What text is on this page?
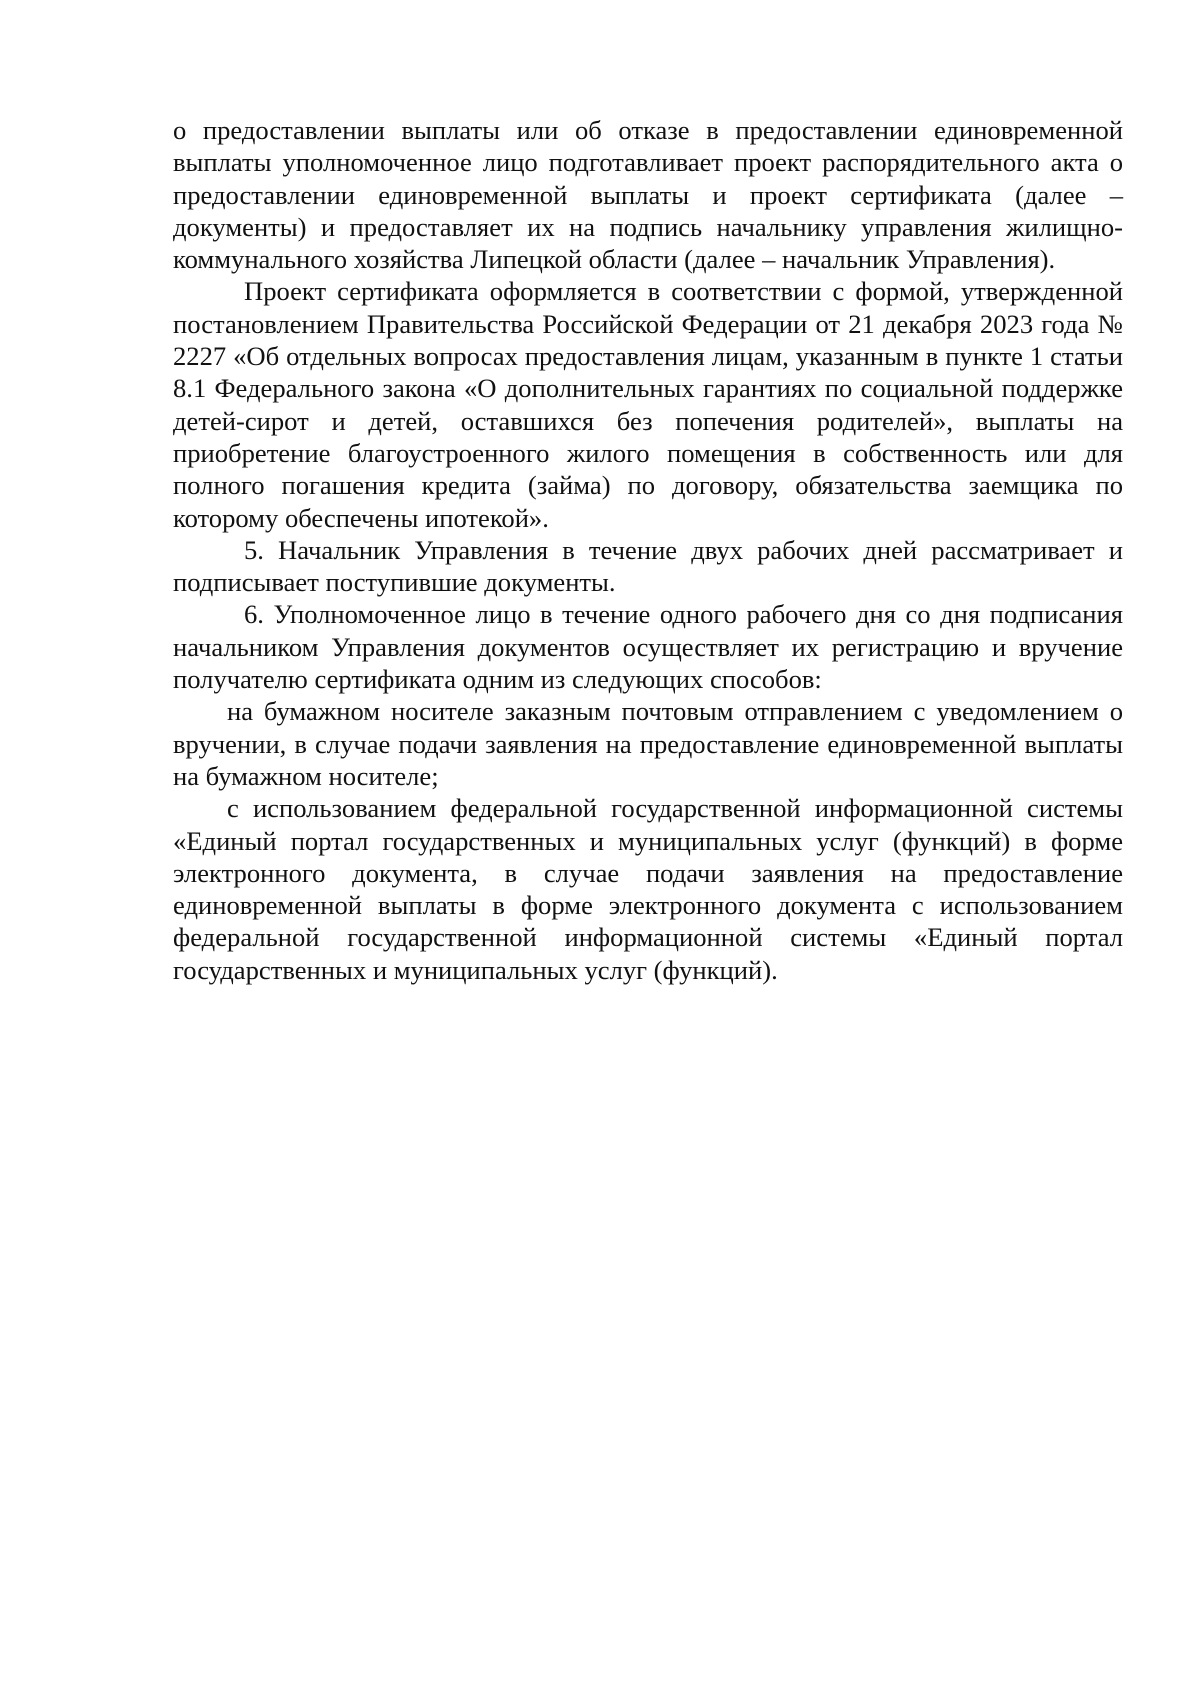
о предоставлении выплаты или об отказе в предоставлении единовременной выплаты уполномоченное лицо подготавливает проект распорядительного акта о предоставлении единовременной выплаты и проект сертификата (далее – документы) и предоставляет их на подпись начальнику управления жилищно-коммунального хозяйства Липецкой области (далее – начальник Управления).

Проект сертификата оформляется в соответствии с формой, утвержденной постановлением Правительства Российской Федерации от 21 декабря 2023 года № 2227 «Об отдельных вопросах предоставления лицам, указанным в пункте 1 статьи 8.1 Федерального закона «О дополнительных гарантиях по социальной поддержке детей-сирот и детей, оставшихся без попечения родителей», выплаты на приобретение благоустроенного жилого помещения в собственность или для полного погашения кредита (займа) по договору, обязательства заемщика по которому обеспечены ипотекой».

5. Начальник Управления в течение двух рабочих дней рассматривает и подписывает поступившие документы.

6. Уполномоченное лицо в течение одного рабочего дня со дня подписания начальником Управления документов осуществляет их регистрацию и вручение получателю сертификата одним из следующих способов:

на бумажном носителе заказным почтовым отправлением с уведомлением о вручении, в случае подачи заявления на предоставление единовременной выплаты на бумажном носителе;

с использованием федеральной государственной информационной системы «Единый портал государственных и муниципальных услуг (функций) в форме электронного документа, в случае подачи заявления на предоставление единовременной выплаты в форме электронного документа с использованием федеральной государственной информационной системы «Единый портал государственных и муниципальных услуг (функций).
